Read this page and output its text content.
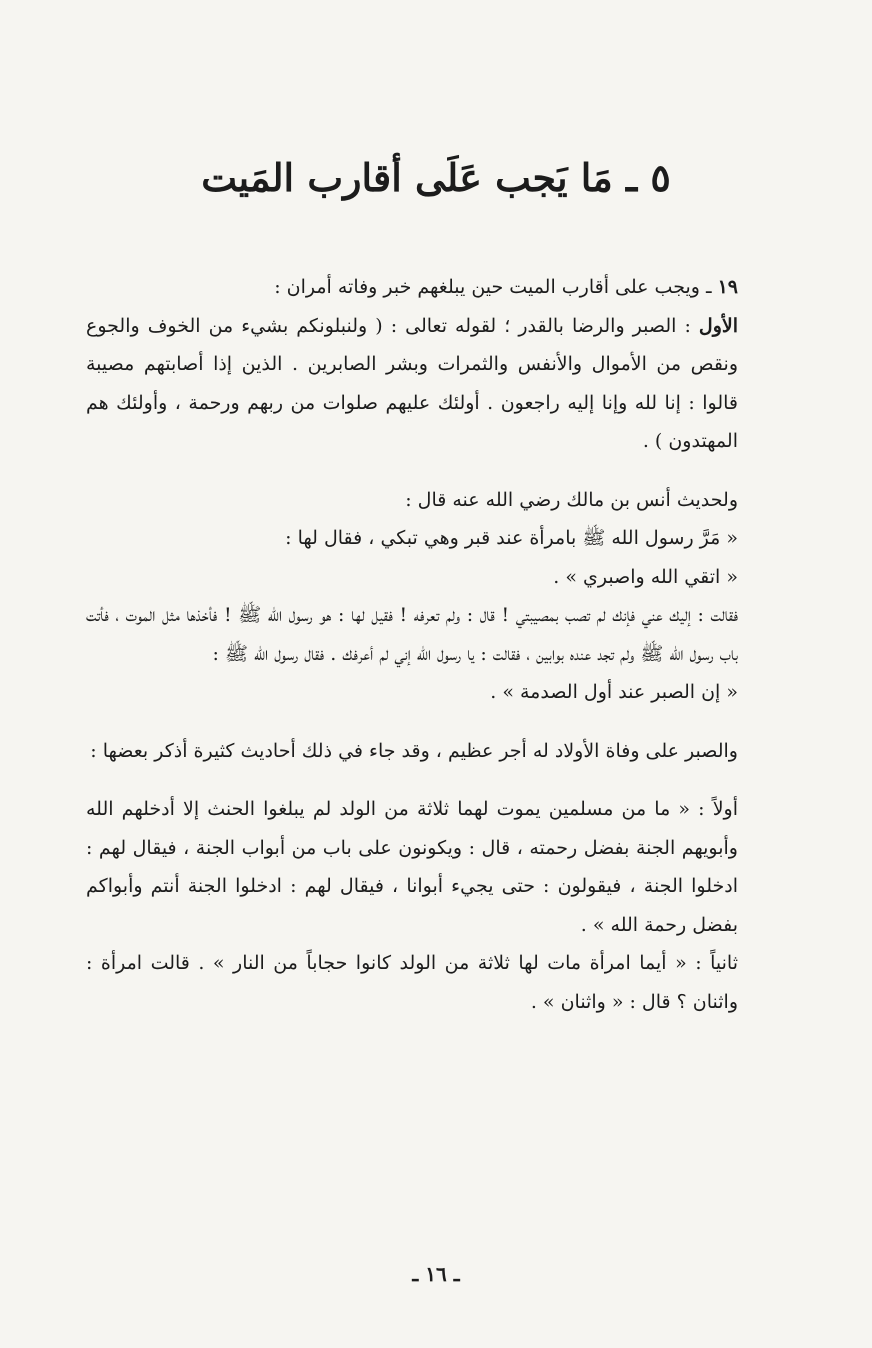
٥ ـ مَا يَجب عَلَى أقارب المَيت

١٩ ـ ويجب على أقارب الميت حين يبلغهم خبر وفاته أمران :

الأول : الصبر والرضا بالقدر ؛ لقوله تعالى : ( ولنبلونكم بشيء من الخوف والجوع ونقص من الأموال والأنفس والثمرات وبشر الصابرين . الذين إذا أصابتهم مصيبة قالوا : إنا لله وإنا إليه راجعون . أولئك عليهم صلوات من ربهم ورحمة ، وأولئك هم المهتدون ) .

ولحديث أنس بن مالك رضي الله عنه قال :

« مَرَّ رسول الله ﷺ بامرأة عند قبر وهي تبكي ، فقال لها :

« اتقي الله واصبري » .

فقالت : إليك عني فإنك لم تصب بمصيبتي ! قال : ولم تعرفه ! فقيل لها : هو رسول الله ﷺ ! فأخذها مثل الموت ، فأتت باب رسول الله ﷺ ولم تجد عنده بوابين ، فقالت : يا رسول الله إني لم أعرفك . فقال رسول الله ﷺ :

« إن الصبر عند أول الصدمة » .

والصبر على وفاة الأولاد له أجر عظيم ، وقد جاء في ذلك أحاديث كثيرة أذكر بعضها :

أولاً : « ما من مسلمين يموت لهما ثلاثة من الولد لم يبلغوا الحنث إلا أدخلهم الله وأبويهم الجنة بفضل رحمته ، قال : ويكونون على باب من أبواب الجنة ، فيقال لهم : ادخلوا الجنة ، فيقولون : حتى يجيء أبوانا ، فيقال لهم : ادخلوا الجنة أنتم وأبواكم بفضل رحمة الله » .

ثانياً : « أيما امرأة مات لها ثلاثة من الولد كانوا حجاباً من النار » . قالت امرأة : واثنان ؟ قال : « واثنان » .

ـ ١٦ ـ
